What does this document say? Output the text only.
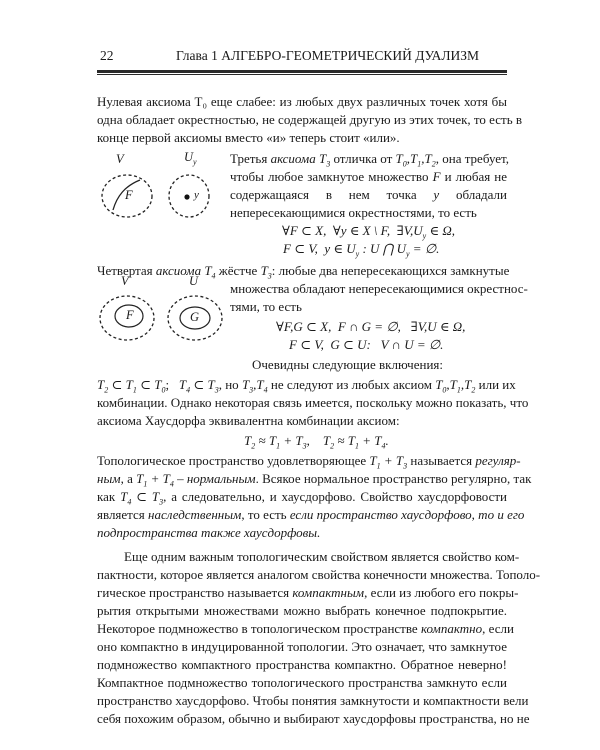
22	Глава 1 АЛГЕБРО-ГЕОМЕТРИЧЕСКИЙ ДУАЛИЗМ
Нулевая аксиома T₀ еще слабее: из любых двух различных точек хотя бы
одна обладает окрестностью, не содержащей другую из этих точек, то есть в
конце первой аксиомы вместо «и» теперь стоит «или».
V	$U_y$
F	y
Третья аксиома $T_3$ отличка от $T_0,T_1,T_2$, она требует,
чтобы любое замкнутое множество F и любая не
содержащаяся в нем точка y обладали
непересекающимися окрестностями, то есть
∀F ⊂ X,  ∀y ∈ X \ F,  $\exists V,U_y$ ∈ Ω,
F ⊂ V,  y ∈ $U_y$ : U ⋂ $U_y$ = ∅.
Четвертая аксиома $T_4$ жёстче $T_3$: любые два непересекающихся замкнутые
множества обладают непересекающимися окрестнос-
тями, то есть
V	U
F	G
∀F,G ⊂ X,  F ∩ G = ∅,   ∃V,U ∈ Ω,
F ⊂ V,  G ⊂ U:   V ∩ U = ∅.
Очевидны следующие включения:
$T_2$ ⊂ $T_1$ ⊂ $T_0$;   $T_4$ ⊂ $T_3$, но $T_3,T_4$ не следуют из любых аксиом $T_0,T_1,T_2$ или их
комбинации. Однако некоторая связь имеется, поскольку можно показать, что
аксиома Хаусдорфа эквивалентна комбинации аксиом:
$T_2 \approx T_1 + T_3$,    $T_2 \approx T_1 + T_4$.
Топологическое пространство удовлетворяющее $T_1 + T_3$ называется регуляр-
ным, а $T_1 + T_4$ – нормальным. Всякое нормальное пространство регулярно, так
как $T_4$ ⊂ $T_3$, а следовательно, и хаусдорфово. Свойство хаусдорфовости
является наследственным, то есть если пространство хаусдорфово, то и его
подпространства также хаусдорфовы.
Еще одним важным топологическим свойством является свойство ком-
пактности, которое является аналогом свойства конечности множества. Тополо-
гическое пространство называется компактным, если из любого его покры-
рытия открытыми множествами можно выбрать конечное подпокрытие.
Некоторое подмножество в топологическом пространстве компактно, если
оно компактно в индуцированной топологии. Это означает, что замкнутое
подмножество компактного пространства компактно. Обратное неверно!
Компактное подмножество топологического пространства замкнуто если
пространство хаусдорфово. Чтобы понятия замкнутости и компактности вели
себя похожим образом, обычно и выбирают хаусдорфовы пространства, но не
